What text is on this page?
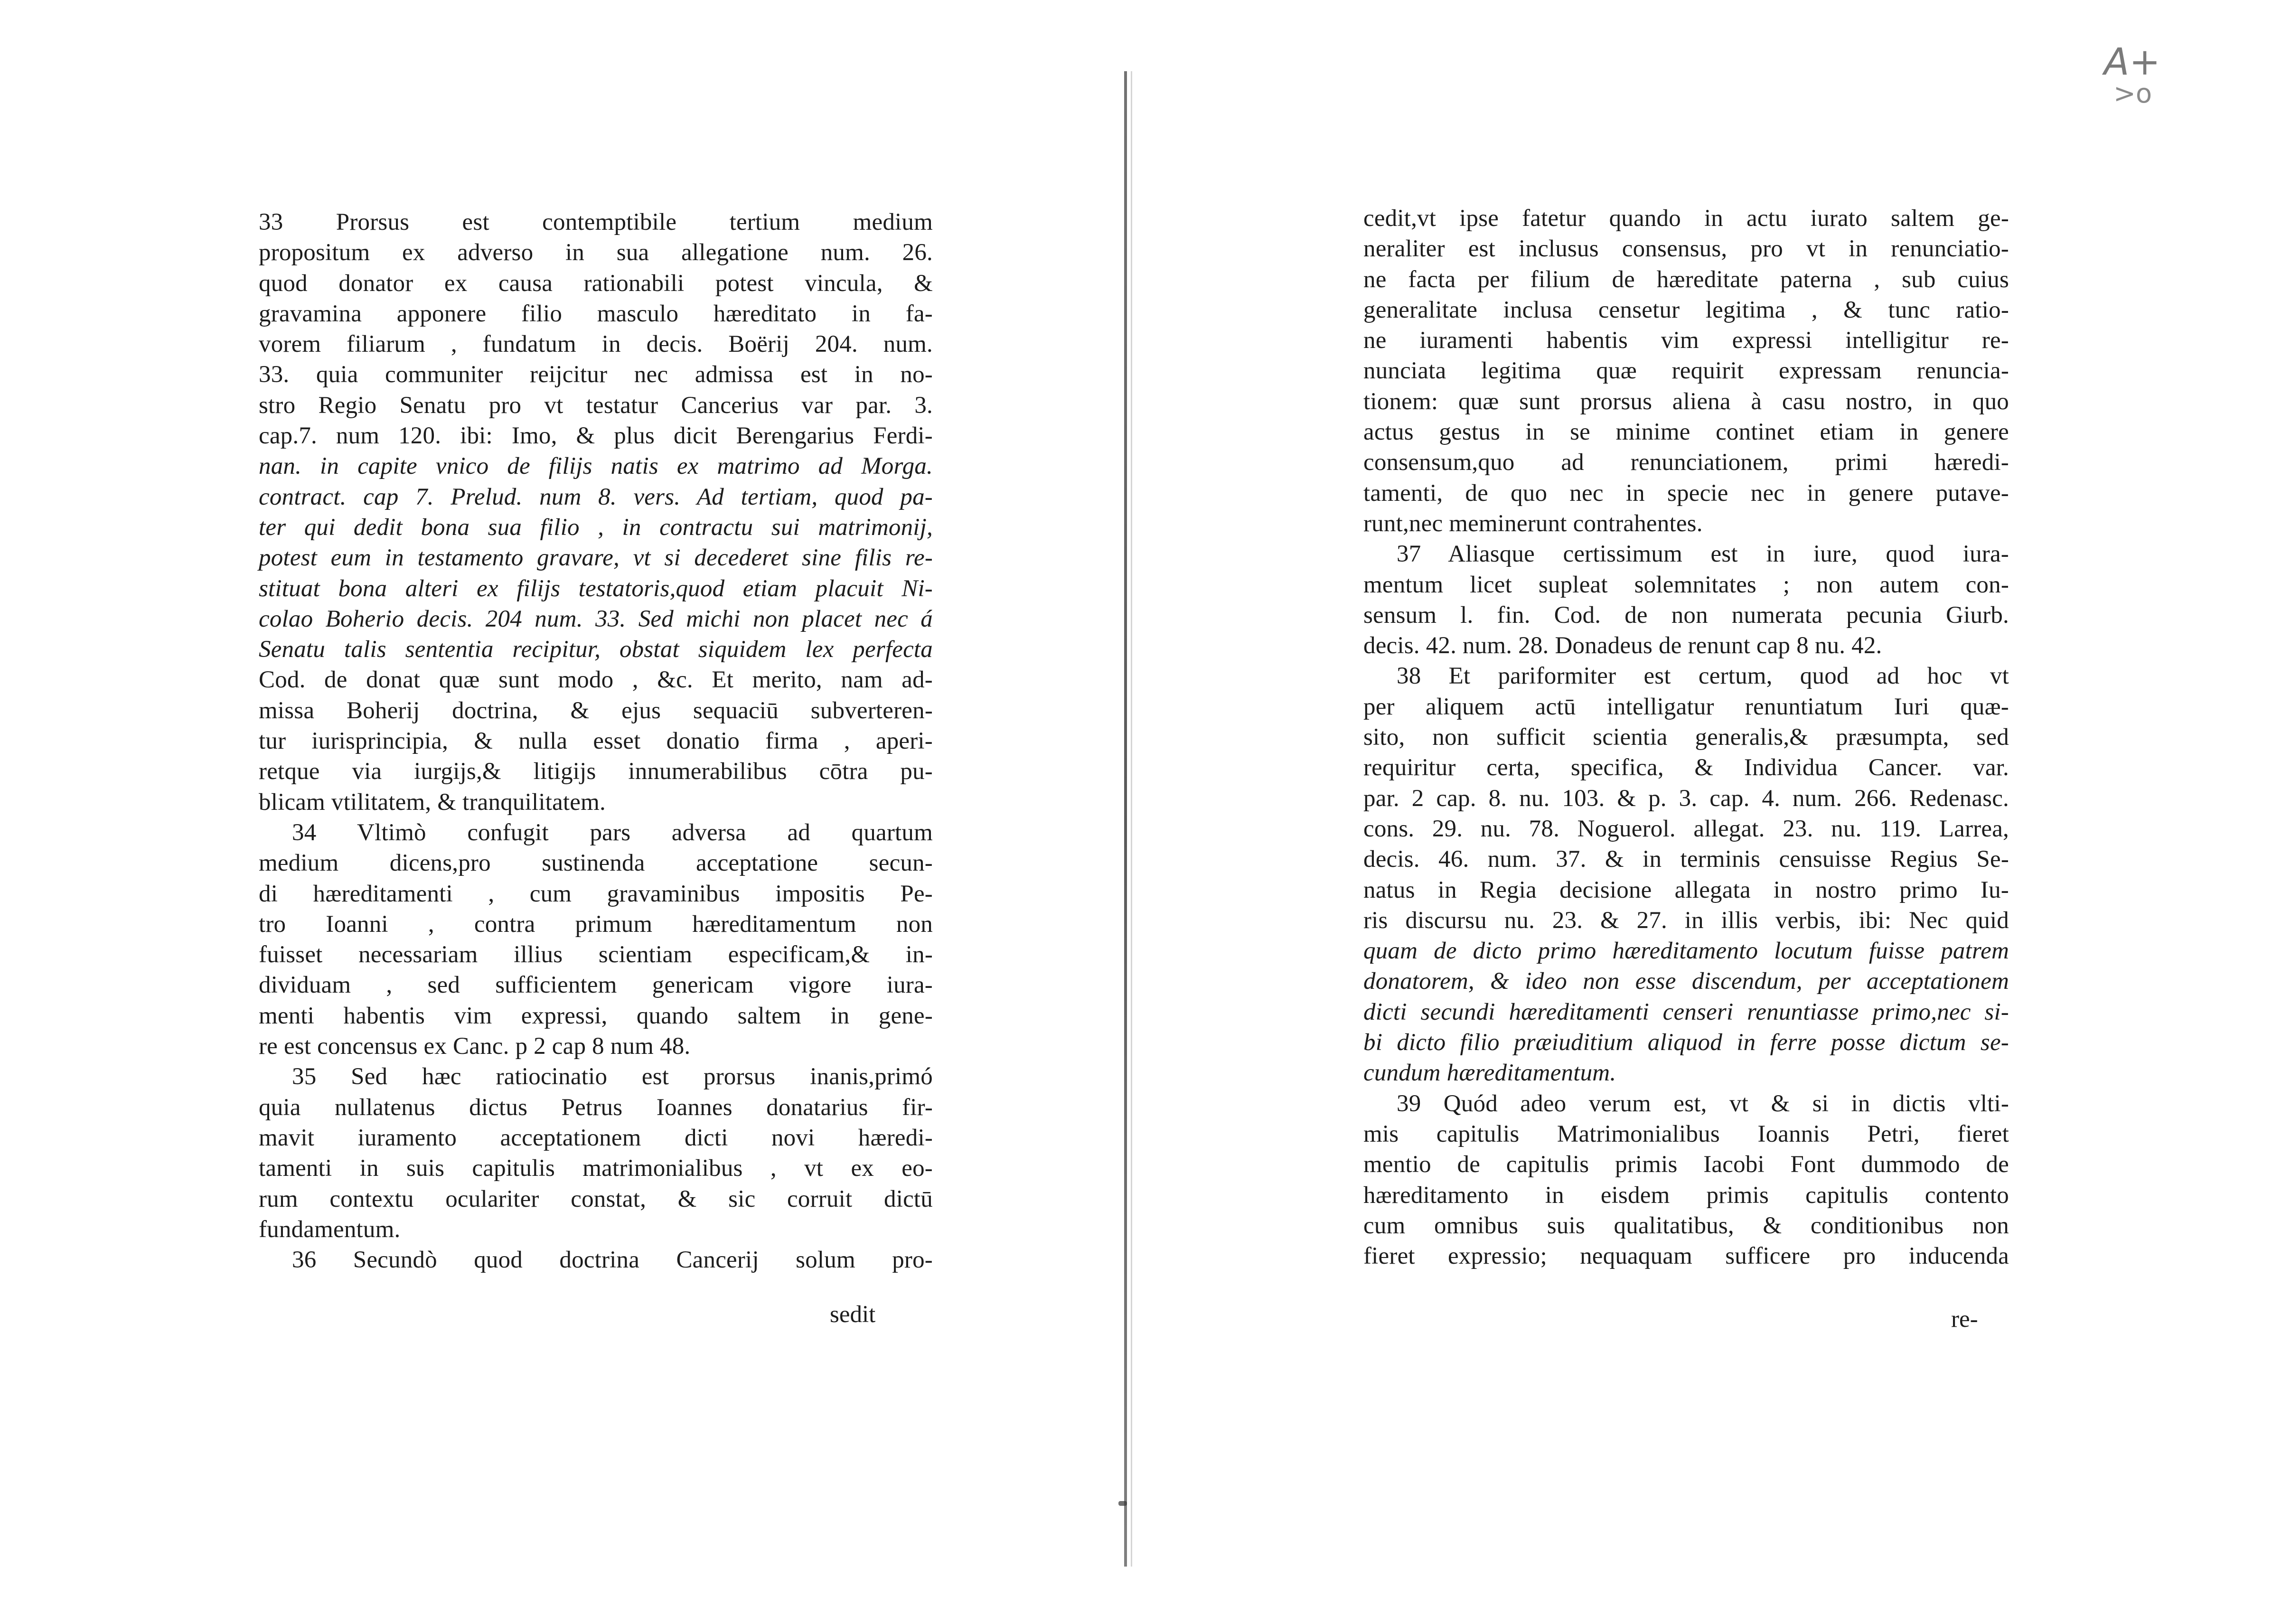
A+
>o
33 Prorsus est contemptibile tertium medium
propositum ex adverso in sua allegatione num. 26.
quod donator ex causa rationabili potest vincula, &
gravamina apponere filio masculo hæreditato in fa-
vorem filiarum , fundatum in decis. Boërij 204. num.
33. quia communiter reijcitur nec admissa est in no-
stro Regio Senatu pro vt testatur Cancerius var par. 3.
cap.7. num 120. ibi: Imo, & plus dicit Berengarius Ferdi-
nan. in capite vnico de filijs natis ex matrimo ad Morga.
contract. cap 7. Prelud. num 8. vers. Ad tertiam, quod pa-
ter qui dedit bona sua filio , in contractu sui matrimonij,
potest eum in testamento gravare, vt si decederet sine filis re-
stituat bona alteri ex filijs testatoris,quod etiam placuit Ni-
colao Boherio decis. 204 num. 33. Sed michi non placet nec á
Senatu talis sententia recipitur, obstat siquidem lex perfecta
Cod. de donat quæ sunt modo , &c. Et merito, nam ad-
missa Boherij doctrina, & ejus sequaciū subverteren-
tur iurisprincipia, & nulla esset donatio firma , aperi-
retque via iurgijs,& litigijs innumerabilibus cōtra pu-
blicam vtilitatem, & tranquilitatem.
34 Vltimò confugit pars adversa ad quartum
medium dicens,pro sustinenda acceptatione secun-
di hæreditamenti , cum gravaminibus impositis Pe-
tro Ioanni , contra primum hæreditamentum non
fuisset necessariam illius scientiam especificam,& in-
dividuam , sed sufficientem genericam vigore iura-
menti habentis vim expressi, quando saltem in gene-
re est concensus ex Canc. p 2 cap 8 num 48.
35 Sed hæc ratiocinatio est prorsus inanis,primó
quia nullatenus dictus Petrus Ioannes donatarius fir-
mavit iuramento acceptationem dicti novi hæredi-
tamenti in suis capitulis matrimonialibus , vt ex eo-
rum contextu oculariter constat, & sic corruit dictū
fundamentum.
36 Secundò quod doctrina Cancerij solum pro-
sedit
cedit,vt ipse fatetur quando in actu iurato saltem ge-
neraliter est inclusus consensus, pro vt in renunciatio-
ne facta per filium de hæreditate paterna , sub cuius
generalitate inclusa censetur legitima , & tunc ratio-
ne iuramenti habentis vim expressi intelligitur re-
nunciata legitima quæ requirit expressam renuncia-
tionem: quæ sunt prorsus aliena à casu nostro, in quo
actus gestus in se minime continet etiam in genere
consensum,quo ad renunciationem, primi hæredi-
tamenti, de quo nec in specie nec in genere putave-
runt,nec meminerunt contrahentes.
37 Aliasque certissimum est in iure, quod iura-
mentum licet supleat solemnitates ; non autem con-
sensum l. fin. Cod. de non numerata pecunia Giurb.
decis. 42. num. 28. Donadeus de renunt cap 8 nu. 42.
38 Et pariformiter est certum, quod ad hoc vt
per aliquem actū intelligatur renuntiatum Iuri quæ-
sito, non sufficit scientia generalis,& præsumpta, sed
requiritur certa, specifica, & Individua Cancer. var.
par. 2 cap. 8. nu. 103. & p. 3. cap. 4. num. 266. Redenasc.
cons. 29. nu. 78. Noguerol. allegat. 23. nu. 119. Larrea,
decis. 46. num. 37. & in terminis censuisse Regius Se-
natus in Regia decisione allegata in nostro primo Iu-
ris discursu nu. 23. & 27. in illis verbis, ibi: Nec quid
quam de dicto primo hæreditamento locutum fuisse patrem
donatorem, & ideo non esse discendum, per acceptationem
dicti secundi hæreditamenti censeri renuntiasse primo,nec si-
bi dicto filio præiuditium aliquod in ferre posse dictum se-
cundum hæreditamentum.
39 Quód adeo verum est, vt & si in dictis vlti-
mis capitulis Matrimonialibus Ioannis Petri, fieret
mentio de capitulis primis Iacobi Font dummodo de
hæreditamento in eisdem primis capitulis contento
cum omnibus suis qualitatibus, & conditionibus non
fieret expressio; nequaquam sufficere pro inducenda
re-
